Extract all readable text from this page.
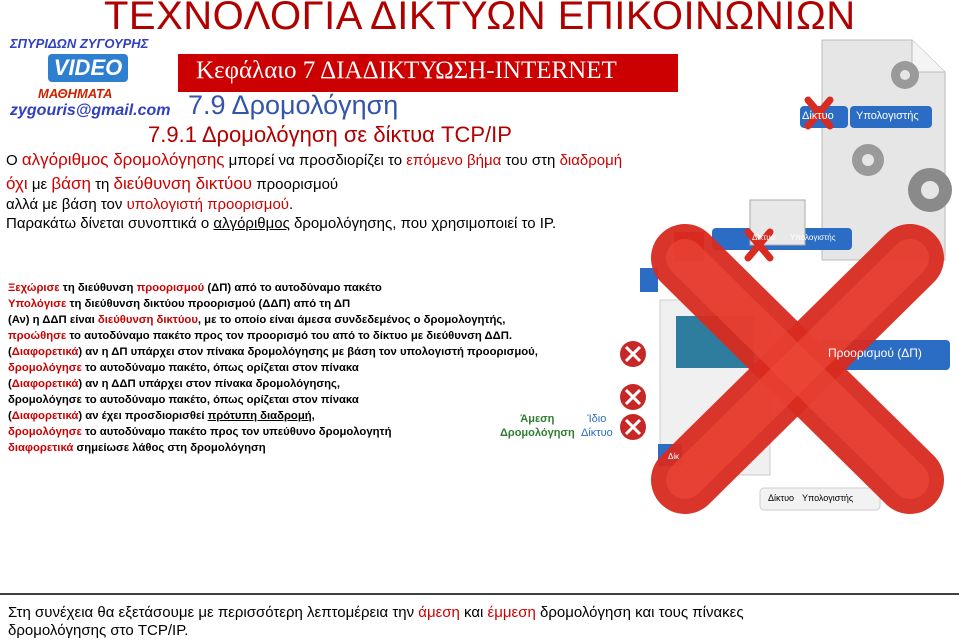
ΤΕΧΝΟΛΟΓΙΑ ΔΙΚΤΥΩΝ ΕΠΙΚΟΙΝΩΝΙΩΝ
Κεφάλαιο 7 ΔΙΑΔΙΚΤΥΩΣΗ-INTERNET
7.9 Δρομολόγηση
7.9.1 Δρομολόγηση σε δίκτυα TCP/IP
ΣΠΥΡΙΔΩΝ ΖΥΓΟΥΡΗΣ
VIDEO
ΜΑΘΗΜΑΤΑ
zygouris@gmail.com
Ο αλγόριθμος δρομολόγησης μπορεί να προσδιορίζει το επόμενο βήμα του στη διαδρομή
όχι με βάση τη διεύθυνση δικτύου προορισμού
αλλά με βάση τον υπολογιστή προορισμού.
Παρακάτω δίνεται συνοπτικά ο αλγόριθμος δρομολόγησης, που χρησιμοποιεί το IP.
Ξεχώρισε τη διεύθυνση προορισμού (ΔΠ) από το αυτοδύναμο πακέτο
Υπολόγισε τη διεύθυνση δικτύου προορισμού (ΔΔΠ) από τη ΔΠ
(Αν) η ΔΔΠ είναι διεύθυνση δικτύου, με το οποίο είναι άμεσα συνδεδεμένος ο δρομολογητής,
προώθησε το αυτοδύναμο πακέτο προς τον προορισμό του από το δίκτυο με διεύθυνση ΔΔΠ.
(Διαφορετικά) αν η ΔΠ υπάρχει στον πίνακα δρομολόγησης με βάση τον υπολογιστή προορισμού,
δρομολόγησε το αυτοδύναμο πακέτο, όπως ορίζεται στον πίνακα
(Διαφορετικά) αν η ΔΔΠ υπάρχει στον πίνακα δρομολόγησης,
δρομολόγησε το αυτοδύναμο πακέτο, όπως ορίζεται στον πίνακα
(Διαφορετικά) αν έχει προσδιορισθεί πρότυπη διαδρομή,
δρομολόγησε το αυτοδύναμο πακέτο προς τον υπεύθυνο δρομολογητή
διαφορετικά σημείωσε λάθος στη δρομολόγηση
Δίκτυο Υπολογιστής
Δίκτυο Υπολογιστής
Προορισμού (ΔΠ)
Άμεση
Δρομολόγηση
Ίδιο
Δίκτυο
Δίκ
Δίκτυο Υπολογιστής
Στη συνέχεια θα εξετάσουμε με περισσότερη λεπτομέρεια την άμεση και έμμεση δρομολόγηση και τους πίνακες
δρομολόγησης στο TCP/IP.
